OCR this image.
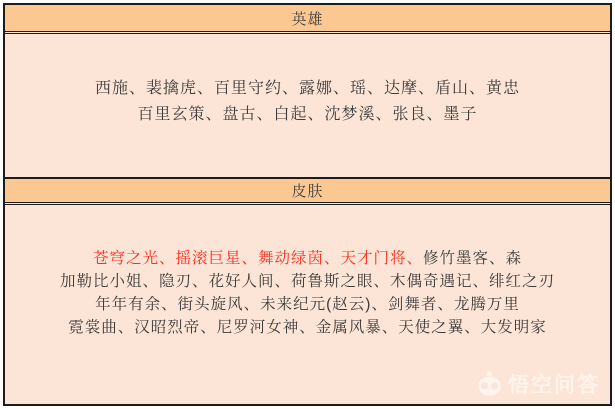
英雄
西施、裴擒虎、百里守约、露娜、瑶、达摩、盾山、黄忠
百里玄策、盘古、白起、沈梦溪、张良、墨子
皮肤
苍穹之光、摇滚巨星、舞动绿茵、天才门将、修竹墨客、森
加勒比小姐、隐刃、花好人间、荷鲁斯之眼、木偶奇遇记、绯红之刃
年年有余、街头旋风、未来纪元(赵云)、剑舞者、龙腾万里
霓裳曲、汉昭烈帝、尼罗河女神、金属风暴、天使之翼、大发明家
悟空问答
